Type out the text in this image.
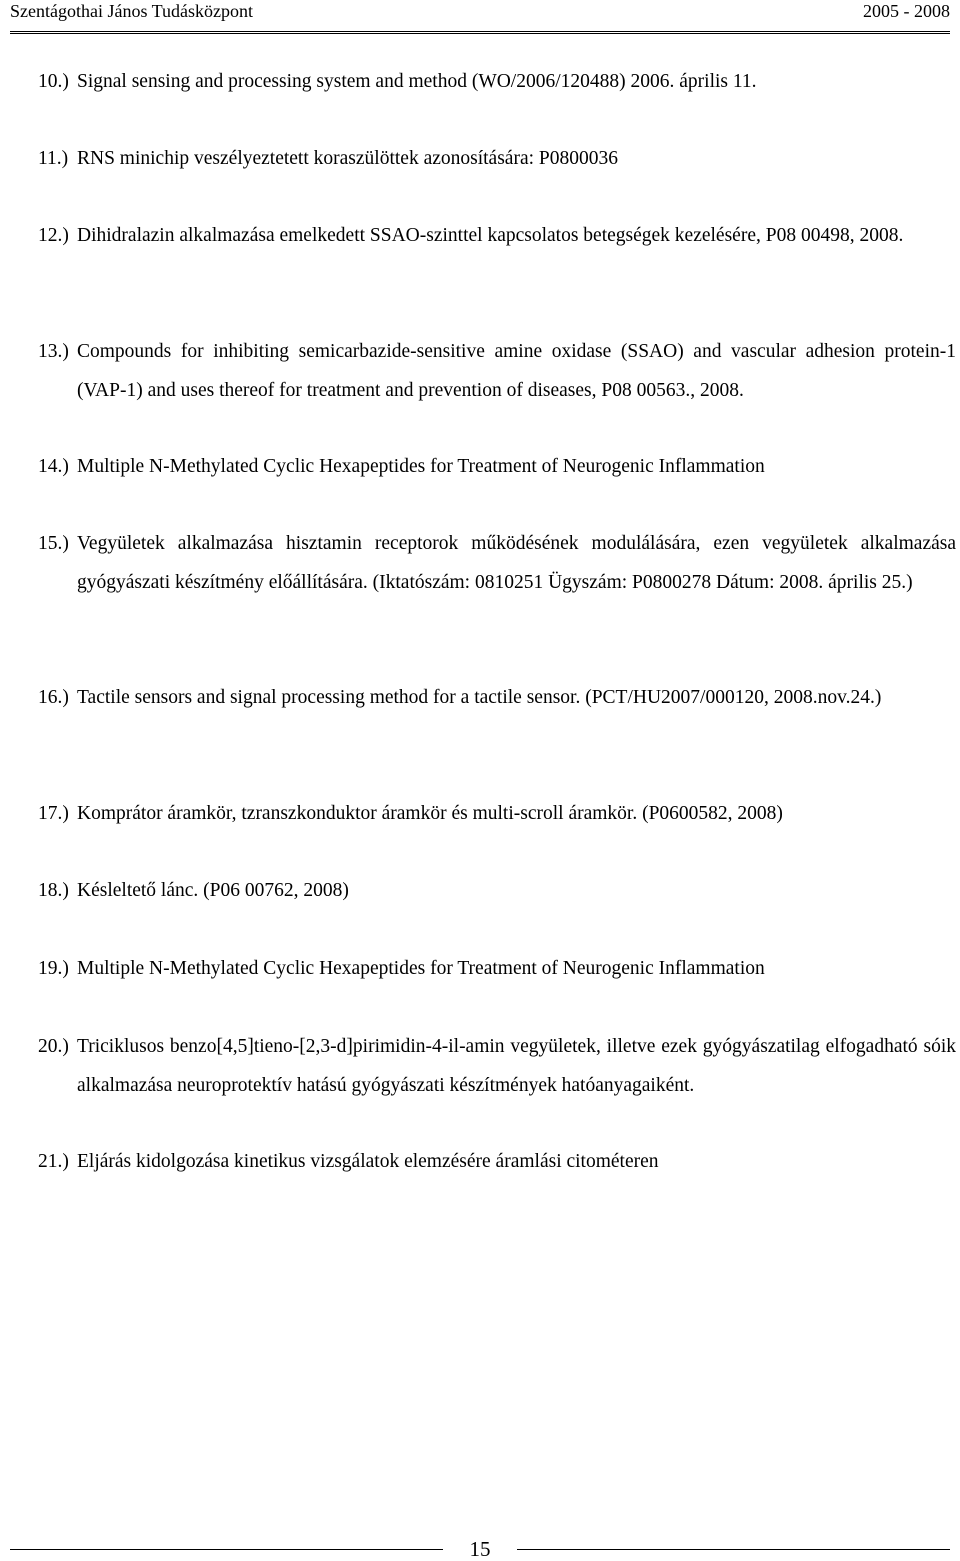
Szentágothai János Tudásközpont	2005 - 2008
10.) Signal sensing and processing system and method (WO/2006/120488) 2006. április 11.
11.) RNS minichip veszélyeztetett koraszülöttek azonosítására: P0800036
12.) Dihidralazin alkalmazása emelkedett SSAO-szinttel kapcsolatos betegségek kezelésére, P08 00498, 2008.
13.) Compounds for inhibiting semicarbazide-sensitive amine oxidase (SSAO) and vascular adhesion protein-1 (VAP-1) and uses thereof for treatment and prevention of diseases, P08 00563., 2008.
14.) Multiple N-Methylated Cyclic Hexapeptides for Treatment of Neurogenic Inflammation
15.) Vegyületek alkalmazása hisztamin receptorok működésének modulálására, ezen vegyületek alkalmazása gyógyászati készítmény előállítására. (Iktatószám: 0810251 Ügyszám: P0800278 Dátum: 2008. április 25.)
16.) Tactile sensors and signal processing method for a tactile sensor. (PCT/HU2007/000120, 2008.nov.24.)
17.) Komprátor áramkör, tzranszkonduktor áramkör és multi-scroll áramkör. (P0600582, 2008)
18.) Késleltető lánc. (P06 00762, 2008)
19.) Multiple N-Methylated Cyclic Hexapeptides for Treatment of Neurogenic Inflammation
20.) Triciklusos benzo[4,5]tieno-[2,3-d]pirimidin-4-il-amin vegyületek, illetve ezek gyógyászatilag elfogadható sóik alkalmazása neuroprotektív hatású gyógyászati készítmények hatóanyagaiként.
21.) Eljárás kidolgozása kinetikus vizsgálatok elemzésére áramlási citométeren
15
